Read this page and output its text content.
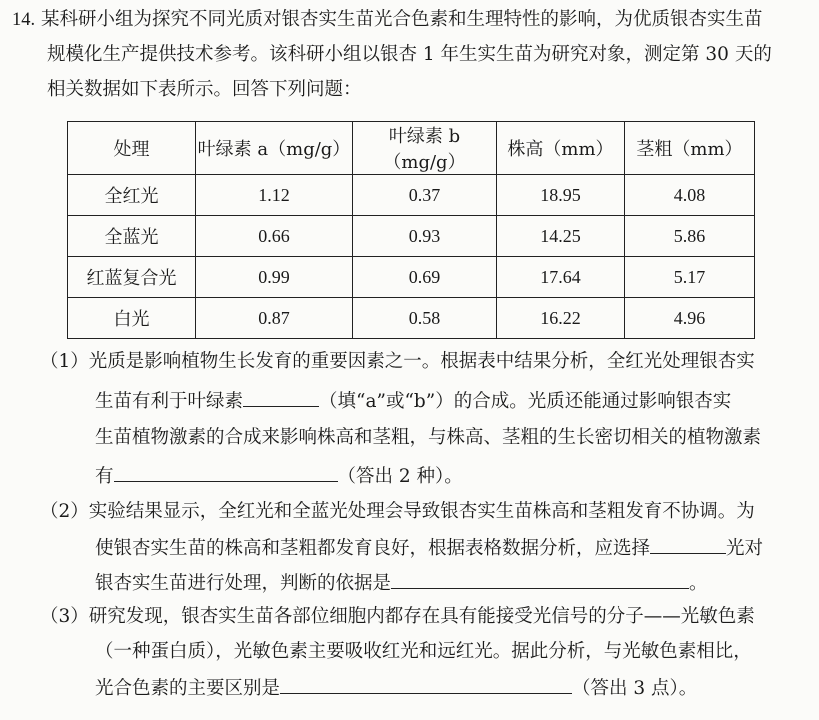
14. 某科研小组为探究不同光质对银杏实生苗光合色素和生理特性的影响，为优质银杏实生苗
规模化生产提供技术参考。该科研小组以银杏 1 年生实生苗为研究对象，测定第 30 天的
相关数据如下表所示。回答下列问题：
处理	叶绿素 a（mg/g）	叶绿素 b（mg/g）	株高（mm）	茎粗（mm）
全红光	1.12	0.37	18.95	4.08
全蓝光	0.66	0.93	14.25	5.86
红蓝复合光	0.99	0.69	17.64	5.17
白光	0.87	0.58	16.22	4.96
（1）光质是影响植物生长发育的重要因素之一。根据表中结果分析，全红光处理银杏实
生苗有利于叶绿素	（填“a”或“b”）的合成。光质还能通过影响银杏实
生苗植物激素的合成来影响株高和茎粗，与株高、茎粗的生长密切相关的植物激素
有	（答出 2 种）。
（2）实验结果显示，全红光和全蓝光处理会导致银杏实生苗株高和茎粗发育不协调。为
使银杏实生苗的株高和茎粗都发育良好，根据表格数据分析，应选择	光对
银杏实生苗进行处理，判断的依据是	。
（3）研究发现，银杏实生苗各部位细胞内都存在具有能接受光信号的分子——光敏色素
（一种蛋白质），光敏色素主要吸收红光和远红光。据此分析，与光敏色素相比，
光合色素的主要区别是	（答出 3 点）。
